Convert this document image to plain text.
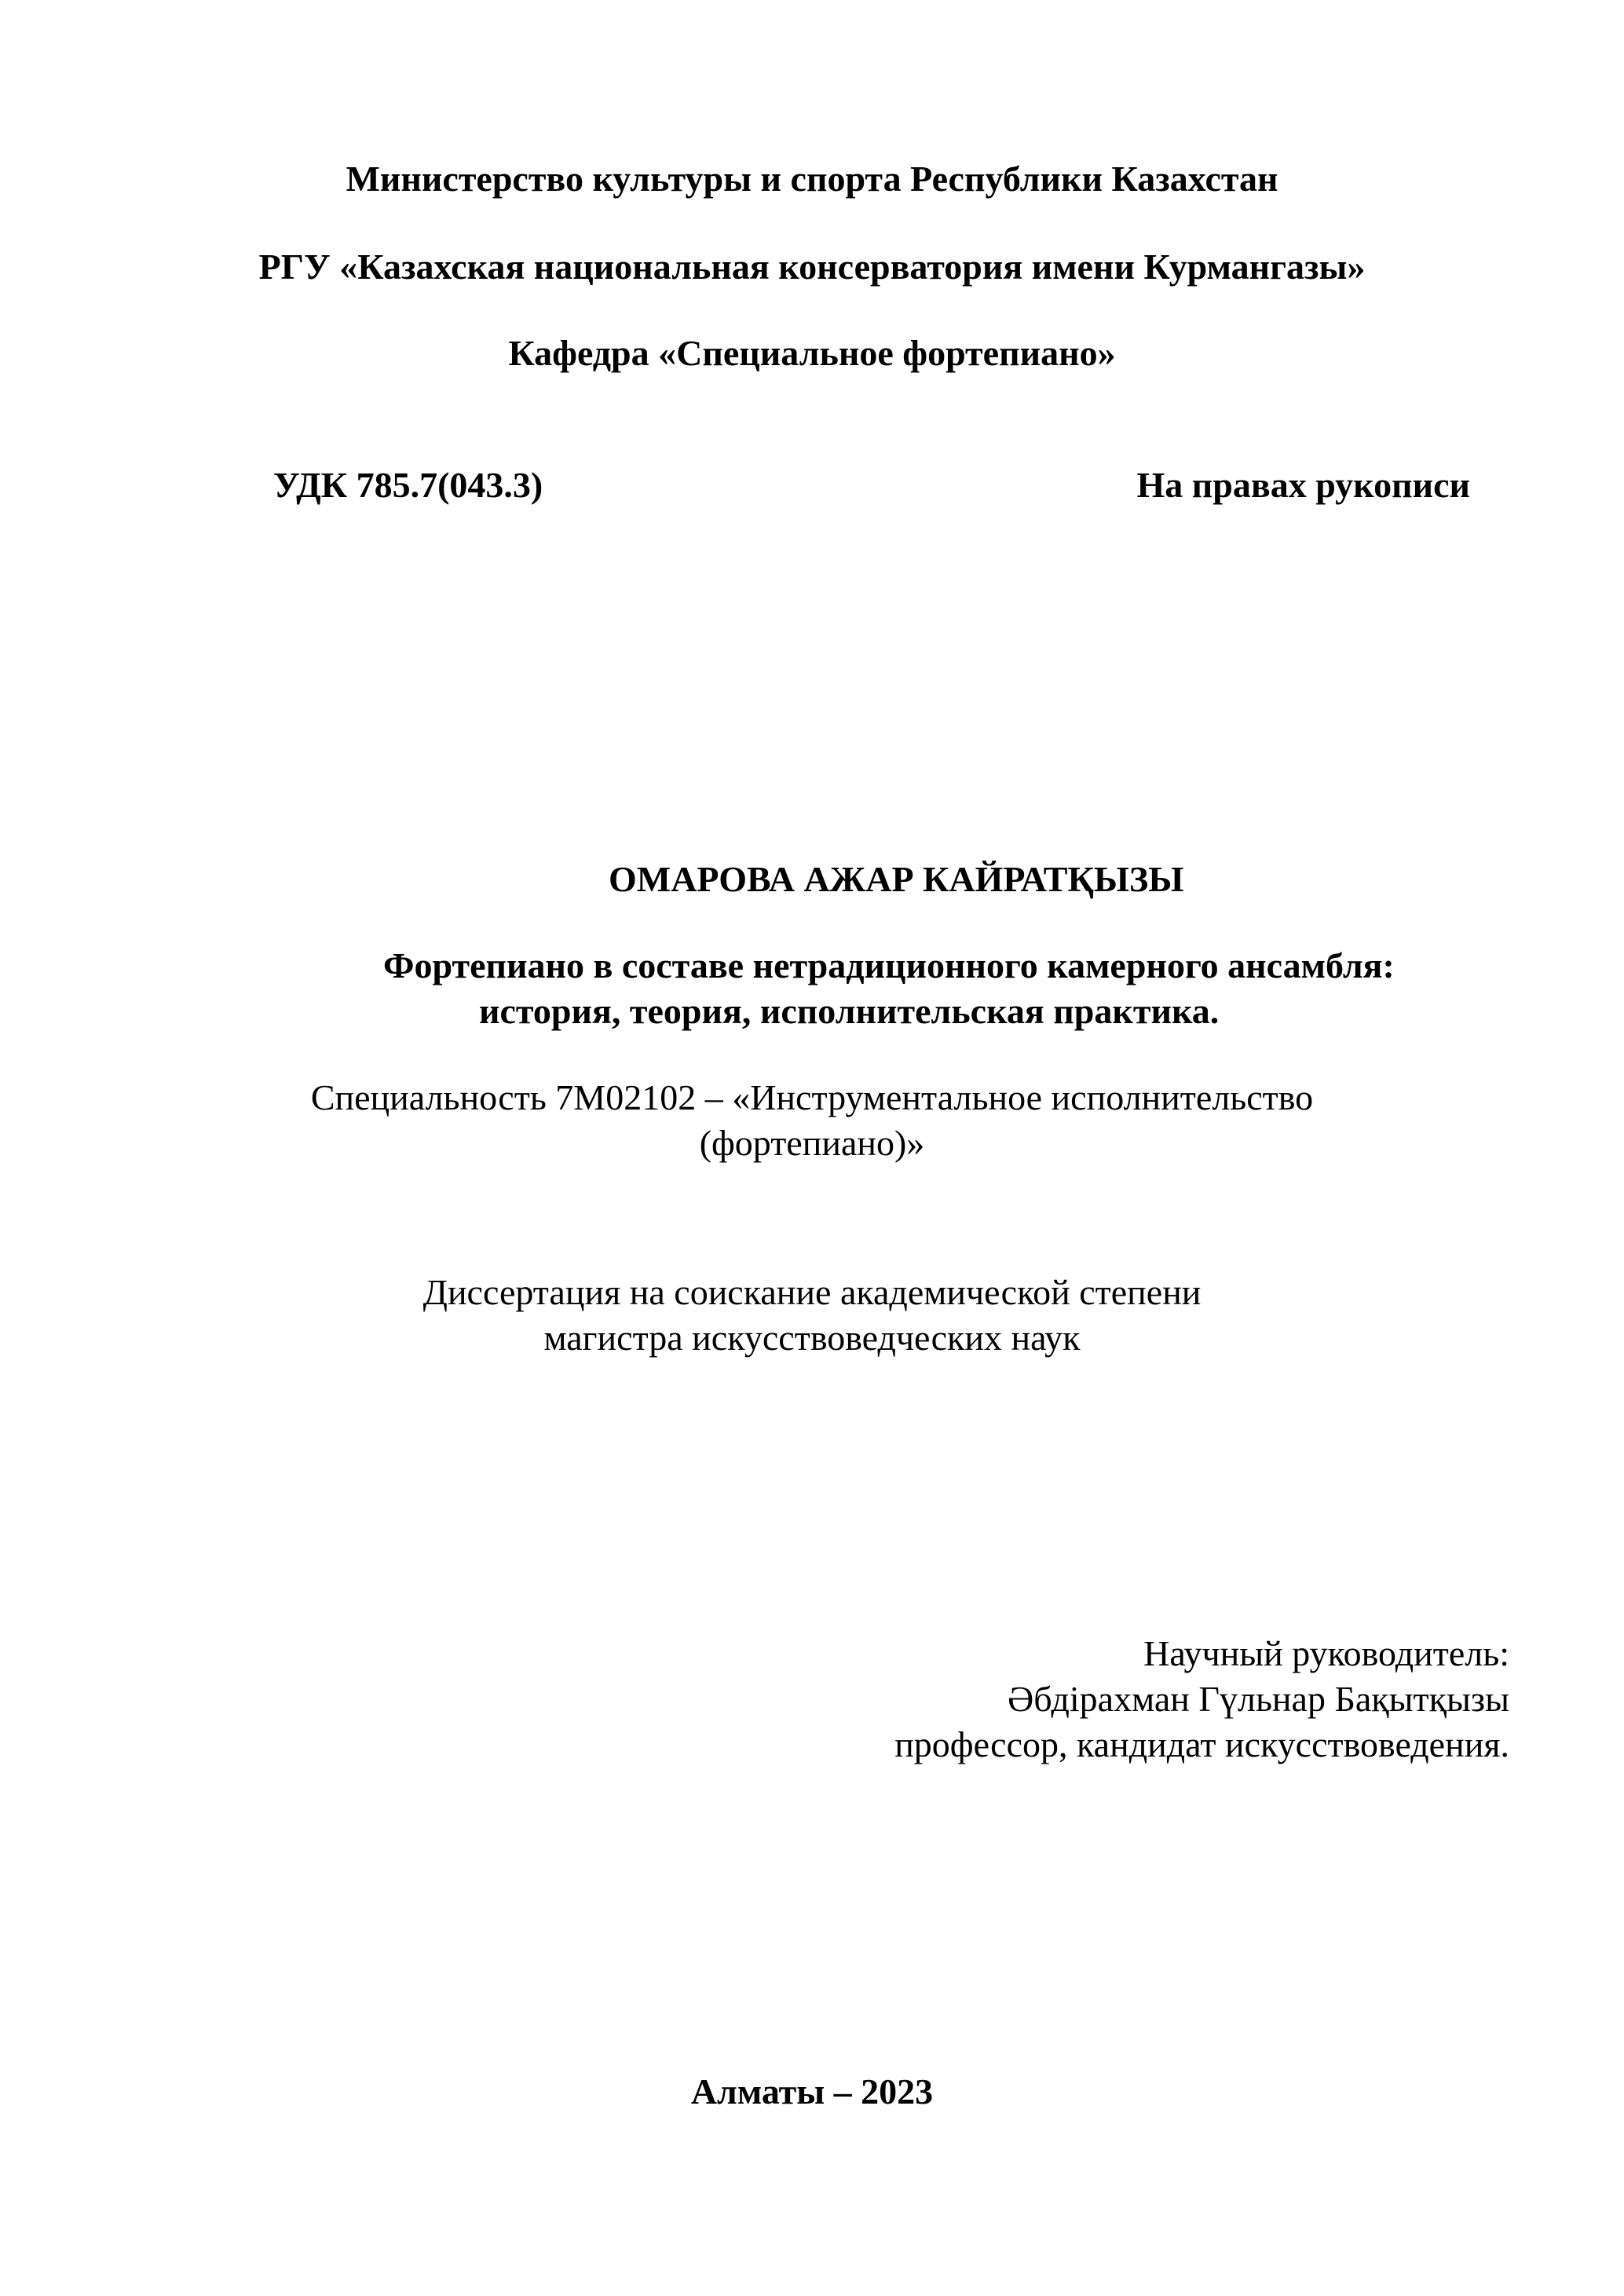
Министерство культуры и спорта Республики Казахстан
РГУ «Казахская национальная консерватория имени Курмангазы»
Кафедра «Специальное фортепиано»
УДК 785.7(043.3)	На правах рукописи
ОМАРОВА АЖАР КАЙРАТҚЫЗЫ
Фортепиано в составе нетрадиционного камерного ансамбля:
история, теория, исполнительская практика.
Специальность 7М02102 – «Инструментальное исполнительство
(фортепиано)»
Диссертация на соискание академической степени
магистра искусствоведческих наук
Научный руководитель:
Әбдірахман Гүльнар Бақытқызы
профессор, кандидат искусствоведения.
Алматы – 2023
